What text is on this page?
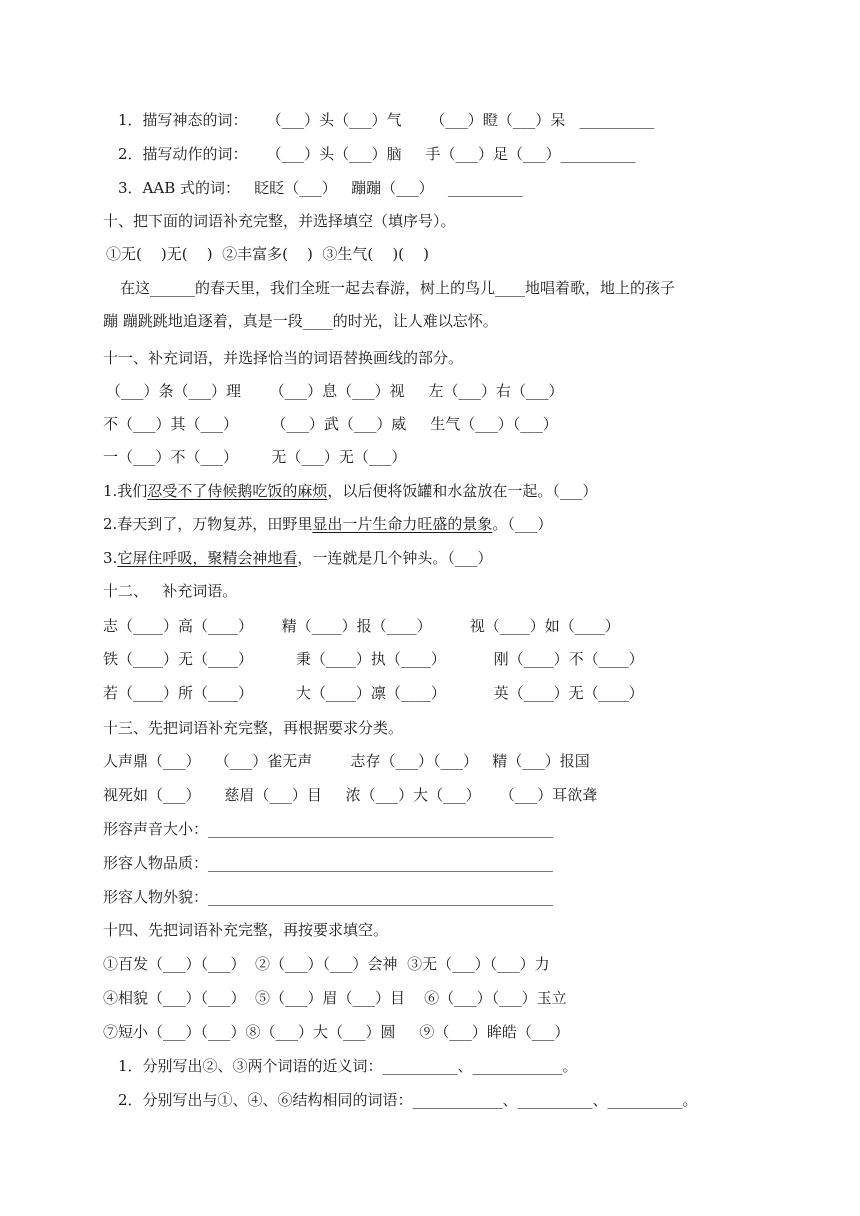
1．描写神态的词：    （___）头（___）气      （___）瞪（___）呆   __________
2．描写动作的词：    （___）头（___）脑     手（___）足（___）__________
3．AAB 式的词：   眨眨（___）   蹦蹦（___）   __________
十、把下面的词语补充完整，并选择填空（填序号）。
①无(    )无(    )  ②丰富多(    )  ③生气(    )(    )
在这______的春天里，我们全班一起去春游，树上的鸟儿____地唱着歌，地上的孩子
蹦 蹦跳跳地追逐着，真是一段____的时光，让人难以忘怀。
十一、补充词语，并选择恰当的词语替换画线的部分。
（___）条（___）理      （___）息（___）视     左（___）右（___）
不（___）其（___）       （___）武（___）威     生气（___）（___）
一（___）不（___）       无（___）无（___）
1.我们忍受不了侍候鹅吃饭的麻烦，以后便将饭罐和水盆放在一起。（___）
2.春天到了，万物复苏，田野里显出一片生命力旺盛的景象。（___）
3.它屏住呼吸，聚精会神地看，一连就是几个钟头。（___）
十二、   补充词语。
志（____）高（____）      精（____）报（____）        视（____）如（____）
铁（____）无（____）         秉（____）执（____）          刚（____）不（____）
若（____）所（____）         大（____）凛（____）          英（____）无（____）
十三、先把词语补充完整，再根据要求分类。
人声鼎（___）   （___）雀无声        志存（___）（___）   精（___）报国
视死如（___）     慈眉（___）目     浓（___）大（___）    （___）耳欲聋
形容声音大小：______________________________________________
形容人物品质：______________________________________________
形容人物外貌：______________________________________________
十四、先把词语补充完整，再按要求填空。
①百发（___）（___）  ②（___）（___）会神  ③无（___）（___）力
④相貌（___）（___）  ⑤（___）眉（___）目    ⑥（___）（___）玉立
⑦短小（___）（___）⑧（___）大（___）圆     ⑨（___）眸皓（___）
1．分别写出②、③两个词语的近义词：__________、____________。
2．分别写出与①、④、⑥结构相同的词语：____________、__________、__________。
